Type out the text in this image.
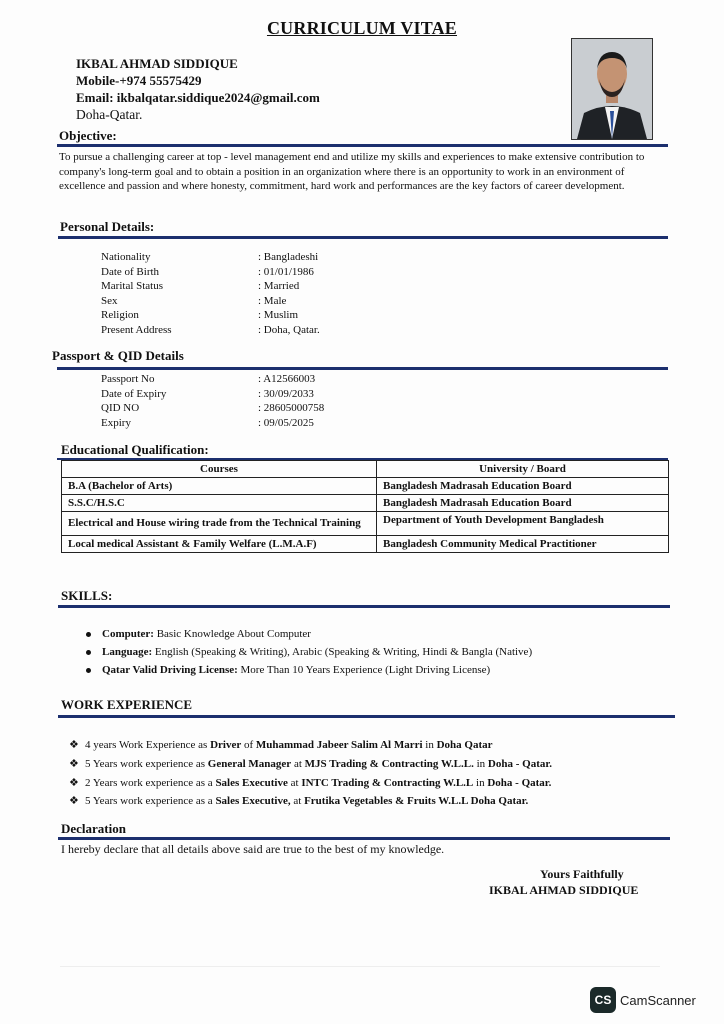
CURRICULUM VITAE
IKBAL AHMAD SIDDIQUE
Mobile-+974 55575429
Email: ikbalqatar.siddique2024@gmail.com
Doha-Qatar.
Objective:
To pursue a challenging career at top - level management end and utilize my skills and experiences to make extensive contribution to company's long-term goal and to obtain a position in an organization where there is an opportunity to work in an environment of excellence and passion and where honesty, commitment, hard work and performances are the key factors of career development.
Personal Details:
Nationality	: Bangladeshi
Date of Birth	: 01/01/1986
Marital Status	: Married
Sex	: Male
Religion	: Muslim
Present Address	: Doha, Qatar.
Passport & QID Details
Passport No	: A12566003
Date of Expiry	: 30/09/2033
QID NO	: 28605000758
Expiry	: 09/05/2025
Educational Qualification:
Courses	University / Board
B.A (Bachelor of Arts)	Bangladesh Madrasah Education Board
S.S.C/H.S.C	Bangladesh Madrasah Education Board
Electrical and House wiring trade from the Technical Training	Department of Youth Development Bangladesh
Local medical Assistant & Family Welfare (L.M.A.F)	Bangladesh Community Medical Practitioner
SKILLS:
Computer: Basic Knowledge About Computer
Language: English (Speaking & Writing), Arabic (Speaking & Writing, Hindi & Bangla (Native)
Qatar Valid Driving License: More Than 10 Years Experience (Light Driving License)
WORK EXPERIENCE
❖ 4 years Work Experience as Driver of Muhammad Jabeer Salim Al Marri in Doha Qatar
❖ 5 Years work experience as General Manager at MJS Trading & Contracting W.L.L. in Doha - Qatar.
❖ 2 Years work experience as a Sales Executive at INTC Trading & Contracting W.L.L in Doha - Qatar.
❖ 5 Years work experience as a Sales Executive, at Frutika Vegetables & Fruits W.L.L Doha Qatar.
Declaration
I hereby declare that all details above said are true to the best of my knowledge.
Yours Faithfully
IKBAL AHMAD SIDDIQUE
CS CamScanner
